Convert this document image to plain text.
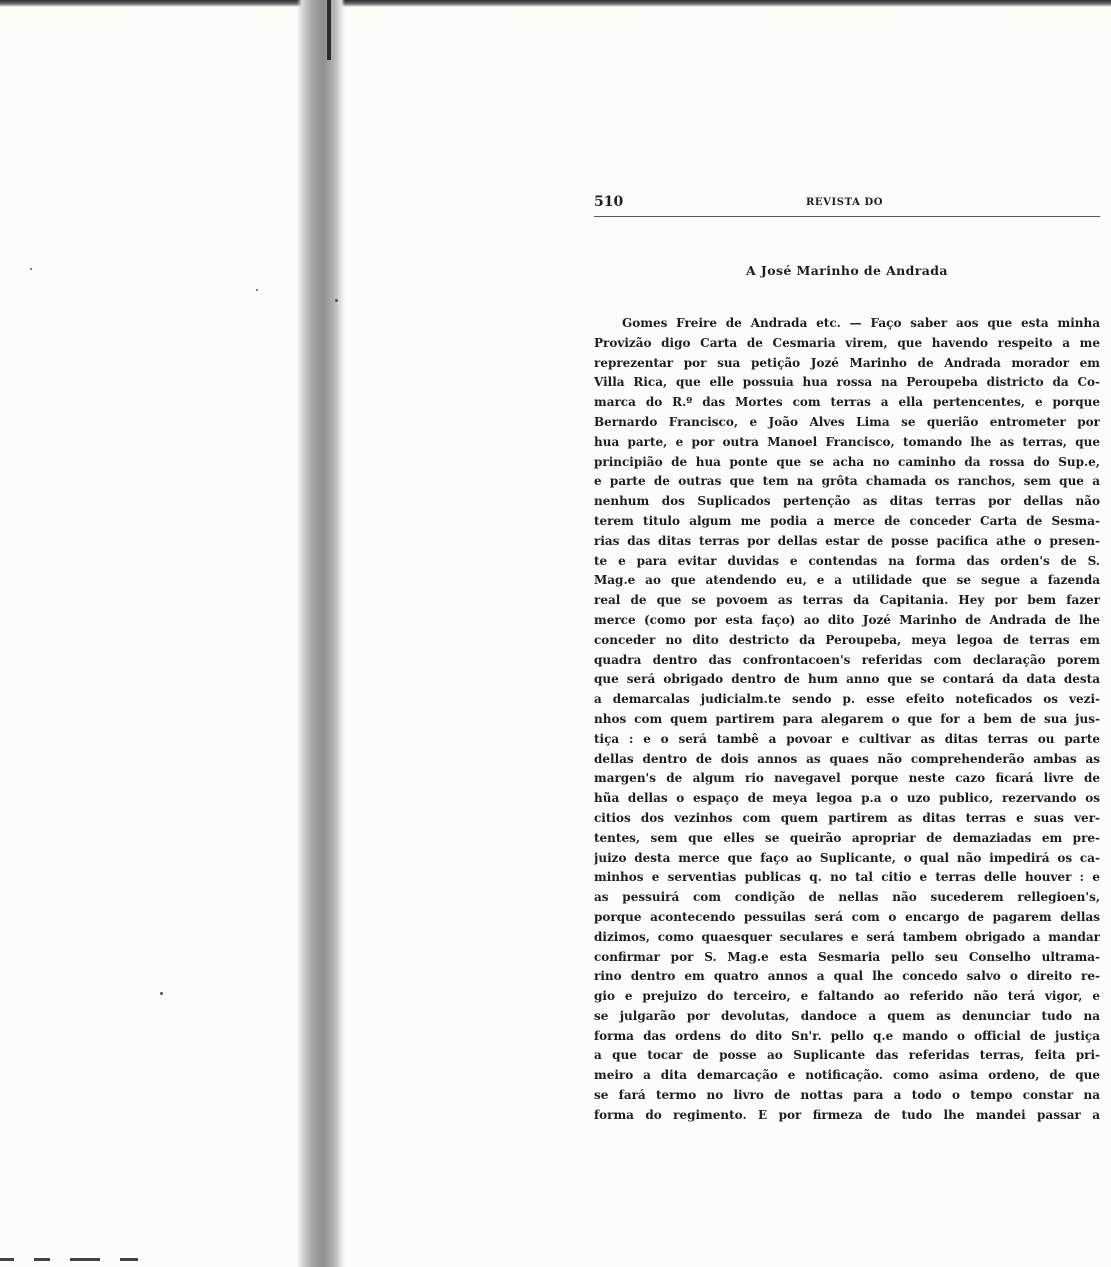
510	REVISTA DO
A José Marinho de Andrada
Gomes Freire de Andrada etc. — Faço saber aos que esta minha
Provizão digo Carta de Cesmaria virem, que havendo respeito a me
reprezentar por sua petição Jozé Marinho de Andrada morador em
Villa Rica, que elle possuia hua rossa na Peroupeba districto da Co-
marca do R.º das Mortes com terras a ella pertencentes, e porque
Bernardo Francisco, e João Alves Lima se querião entrometer por
hua parte, e por outra Manoel Francisco, tomando lhe as terras, que
principião de hua ponte que se acha no caminho da rossa do Sup.e,
e parte de outras que tem na grôta chamada os ranchos, sem que a
nenhum dos Suplicados pertenção as ditas terras por dellas não
terem titulo algum me podia a merce de conceder Carta de Sesma-
rias das ditas terras por dellas estar de posse pacifica athe o presen-
te e para evitar duvidas e contendas na forma das orden's de S.
Mag.e ao que atendendo eu, e a utilidade que se segue a fazenda
real de que se povoem as terras da Capitania. Hey por bem fazer
merce (como por esta faço) ao dito Jozé Marinho de Andrada de lhe
conceder no dito destricto da Peroupeba, meya legoa de terras em
quadra dentro das confrontacoen's referidas com declaração porem
que será obrigado dentro de hum anno que se contará da data desta
a demarcalas judicialm.te sendo p. esse efeito noteficados os vezi-
nhos com quem partirem para alegarem o que for a bem de sua jus-
tiça : e o será tambê a povoar e cultivar as ditas terras ou parte
dellas dentro de dois annos as quaes não comprehenderão ambas as
margen's de algum rio navegavel porque neste cazo ficará livre de
hũa dellas o espaço de meya legoa p.a o uzo publico, rezervando os
citios dos vezinhos com quem partirem as ditas terras e suas ver-
tentes, sem que elles se queirão apropriar de demaziadas em pre-
juizo desta merce que faço ao Suplicante, o qual não impedirá os ca-
minhos e serventias publicas q. no tal citio e terras delle houver : e
as pessuirá com condição de nellas não sucederem rellegioen's,
porque acontecendo pessuilas será com o encargo de pagarem dellas
dizimos, como quaesquer seculares e será tambem obrigado a mandar
confirmar por S. Mag.e esta Sesmaria pello seu Conselho ultrama-
rino dentro em quatro annos a qual lhe concedo salvo o direito re-
gio e prejuizo do terceiro, e faltando ao referido não terá vigor, e
se julgarão por devolutas, dandoce a quem as denunciar tudo na
forma das ordens do dito Sn'r. pello q.e mando o official de justiça
a que tocar de posse ao Suplicante das referidas terras, feita pri-
meiro a dita demarcação e notificação. como asima ordeno, de que
se fará termo no livro de nottas para a todo o tempo constar na
forma do regimento. E por firmeza de tudo lhe mandei passar a
